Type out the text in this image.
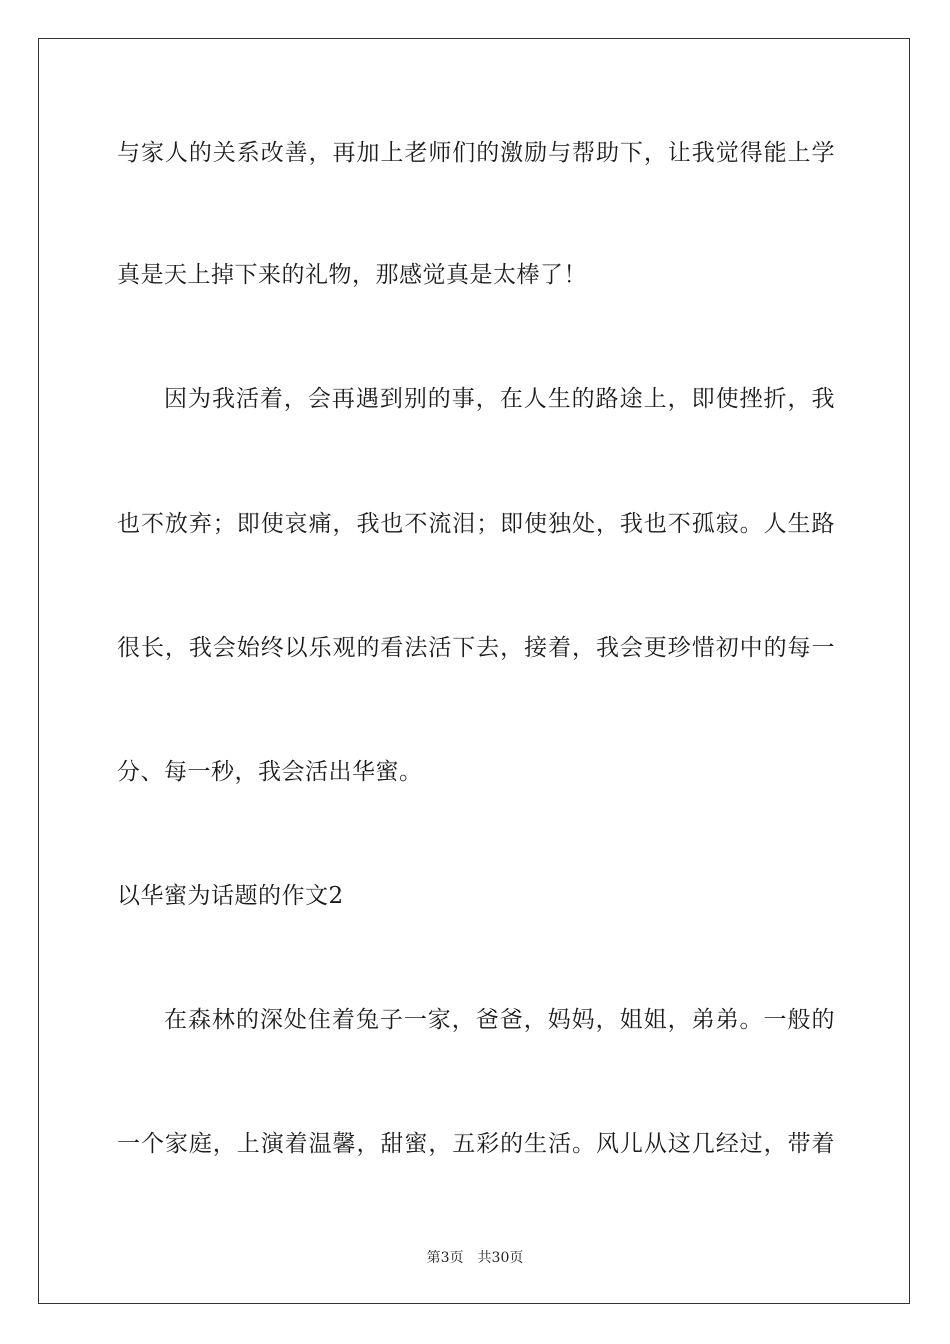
与家人的关系改善，再加上老师们的激励与帮助下，让我觉得能上学
真是天上掉下来的礼物，那感觉真是太棒了！
因为我活着，会再遇到别的事，在人生的路途上，即使挫折，我
也不放弃；即使哀痛，我也不流泪；即使独处，我也不孤寂。人生路
很长，我会始终以乐观的看法活下去，接着，我会更珍惜初中的每一
分、每一秒，我会活出华蜜。
以华蜜为话题的作文2
在森林的深处住着兔子一家，爸爸，妈妈，姐姐，弟弟。一般的
一个家庭，上演着温馨，甜蜜，五彩的生活。风儿从这几经过，带着
第3页 共30页
